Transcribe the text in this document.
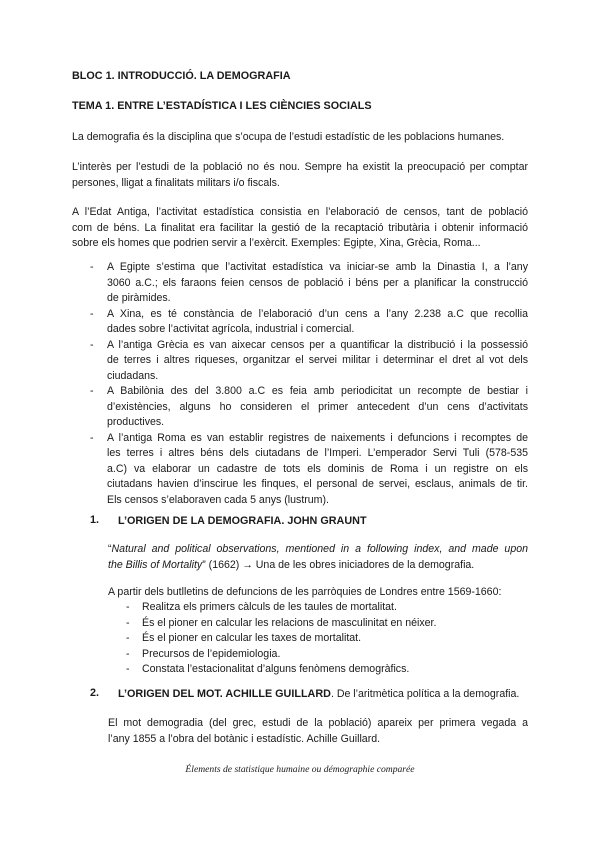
BLOC 1. INTRODUCCIÓ. LA DEMOGRAFIA
TEMA 1. ENTRE L’ESTADÍSTICA I LES CIÈNCIES SOCIALS
La demografia és la disciplina que s’ocupa de l’estudi estadístic de les poblacions humanes.
L’interès per l’estudi de la població no és nou. Sempre ha existit la preocupació per comptar
persones, lligat a finalitats militars i/o fiscals.
A l’Edat Antiga, l’activitat estadística consistia en l’elaboració de censos, tant de població
com de béns. La finalitat era facilitar la gestió de la recaptació tributària i obtenir informació
sobre els homes que podrien servir a l’exèrcit. Exemples: Egipte, Xina, Grècia, Roma...
- A Egipte s’estima que l’activitat estadística va iniciar-se amb la Dinastia I, a l’any
3060 a.C.; els faraons feien censos de població i béns per a planificar la construcció
de piràmides.
- A Xina, es té constància de l’elaboració d’un cens a l’any 2.238 a.C que recollia
dades sobre l’activitat agrícola, industrial i comercial.
- A l’antiga Grècia es van aixecar censos per a quantificar la distribució i la possessió
de terres i altres riqueses, organitzar el servei militar i determinar el dret al vot dels
ciudadans.
- A Babilònia des del 3.800 a.C es feia amb periodicitat un recompte de bestiar i
d’existències, alguns ho consideren el primer antecedent d’un cens d’activitats
productives.
- A l’antiga Roma es van establir registres de naixements i defuncions i recomptes de
les terres i altres béns dels ciutadans de l’Imperi. L’emperador Servi Tuli (578-535
a.C) va elaborar un cadastre de tots els dominis de Roma i un registre on els
ciutadans havien d’inscirue les finques, el personal de servei, esclaus, animals de tir.
Els censos s’elaboraven cada 5 anys (lustrum).
1. L’ORIGEN DE LA DEMOGRAFIA. JOHN GRAUNT
“Natural and political observations, mentioned in a following index, and made upon
the Billis of Mortality” (1662) → Una de les obres iniciadores de la demografia.
A partir dels butlletins de defuncions de les parròquies de Londres entre 1569-1660:
- Realitza els primers càlculs de les taules de mortalitat.
- És el pioner en calcular les relacions de masculinitat en néixer.
- És el pioner en calcular les taxes de mortalitat.
- Precursos de l’epidemiologia.
- Constata l’estacionalitat d’alguns fenòmens demogràfics.
2. L’ORIGEN DEL MOT. ACHILLE GUILLARD. De l’aritmètica política a la demografia.
El mot demogradia (del grec, estudi de la població) apareix per primera vegada a
l’any 1855 a l’obra del botànic i estadístic. Achille Guillard.
Élements de statistique humaine ou démographie comparée
